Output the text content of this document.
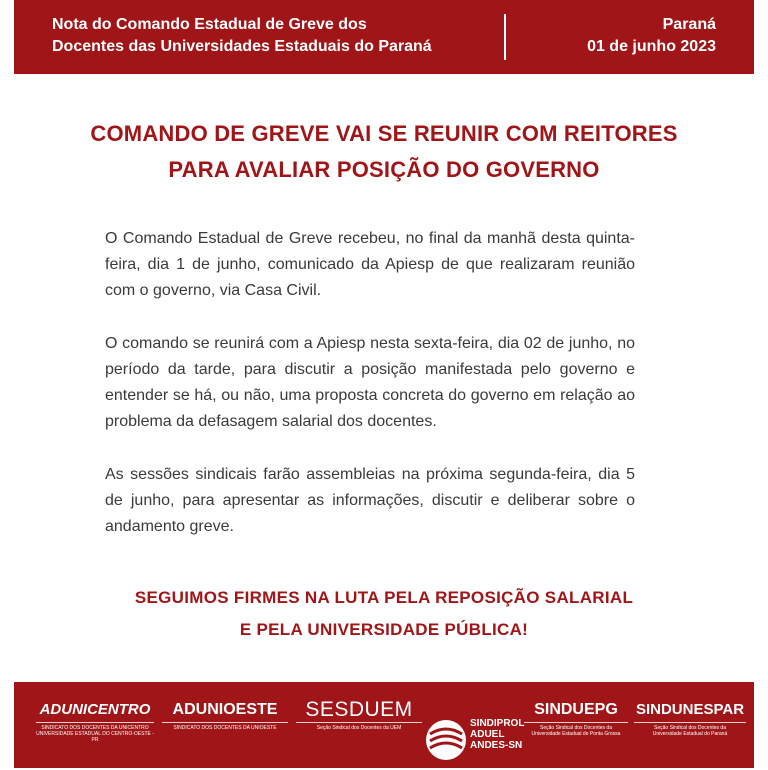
Nota do Comando Estadual de Greve dos
Docentes das Universidades Estaduais do Paraná
Paraná
01 de junho 2023
COMANDO DE GREVE VAI SE REUNIR COM REITORES
PARA AVALIAR POSIÇÃO DO GOVERNO

O Comando Estadual de Greve recebeu, no final da manhã desta quinta-feira, dia 1 de junho, comunicado da Apiesp de que realizaram reunião com o governo, via Casa Civil.

O comando se reunirá com a Apiesp nesta sexta-feira, dia 02 de junho, no período da tarde, para discutir a posição manifestada pelo governo e entender se há, ou não, uma proposta concreta do governo em relação ao problema da defasagem salarial dos docentes.

As sessões sindicais farão assembleias na próxima segunda-feira, dia 5 de junho, para apresentar as informações, discutir e deliberar sobre o andamento greve.

SEGUIMOS FIRMES NA LUTA PELA REPOSIÇÃO SALARIAL
E PELA UNIVERSIDADE PÚBLICA!
ADUNICENTRO
SINDICATO DOS DOCENTES DA UNICENTRO
UNIVERSIDADE ESTADUAL DO CENTRO-OESTE - PR
ADUNIOESTE
SINDICATO DOS DOCENTES DA UNIOESTE
SESDUEM
Seção Sindical dos Docentes da UEM	SINDIPROL
ADUEL
ANDES-SN
SINDUEPG
Seção Sindical dos Docentes da
Universidade Estadual de Ponta Grossa
SINDUNESPAR
Seção Sindical dos Docentes da
Universidade Estadual do Paraná
